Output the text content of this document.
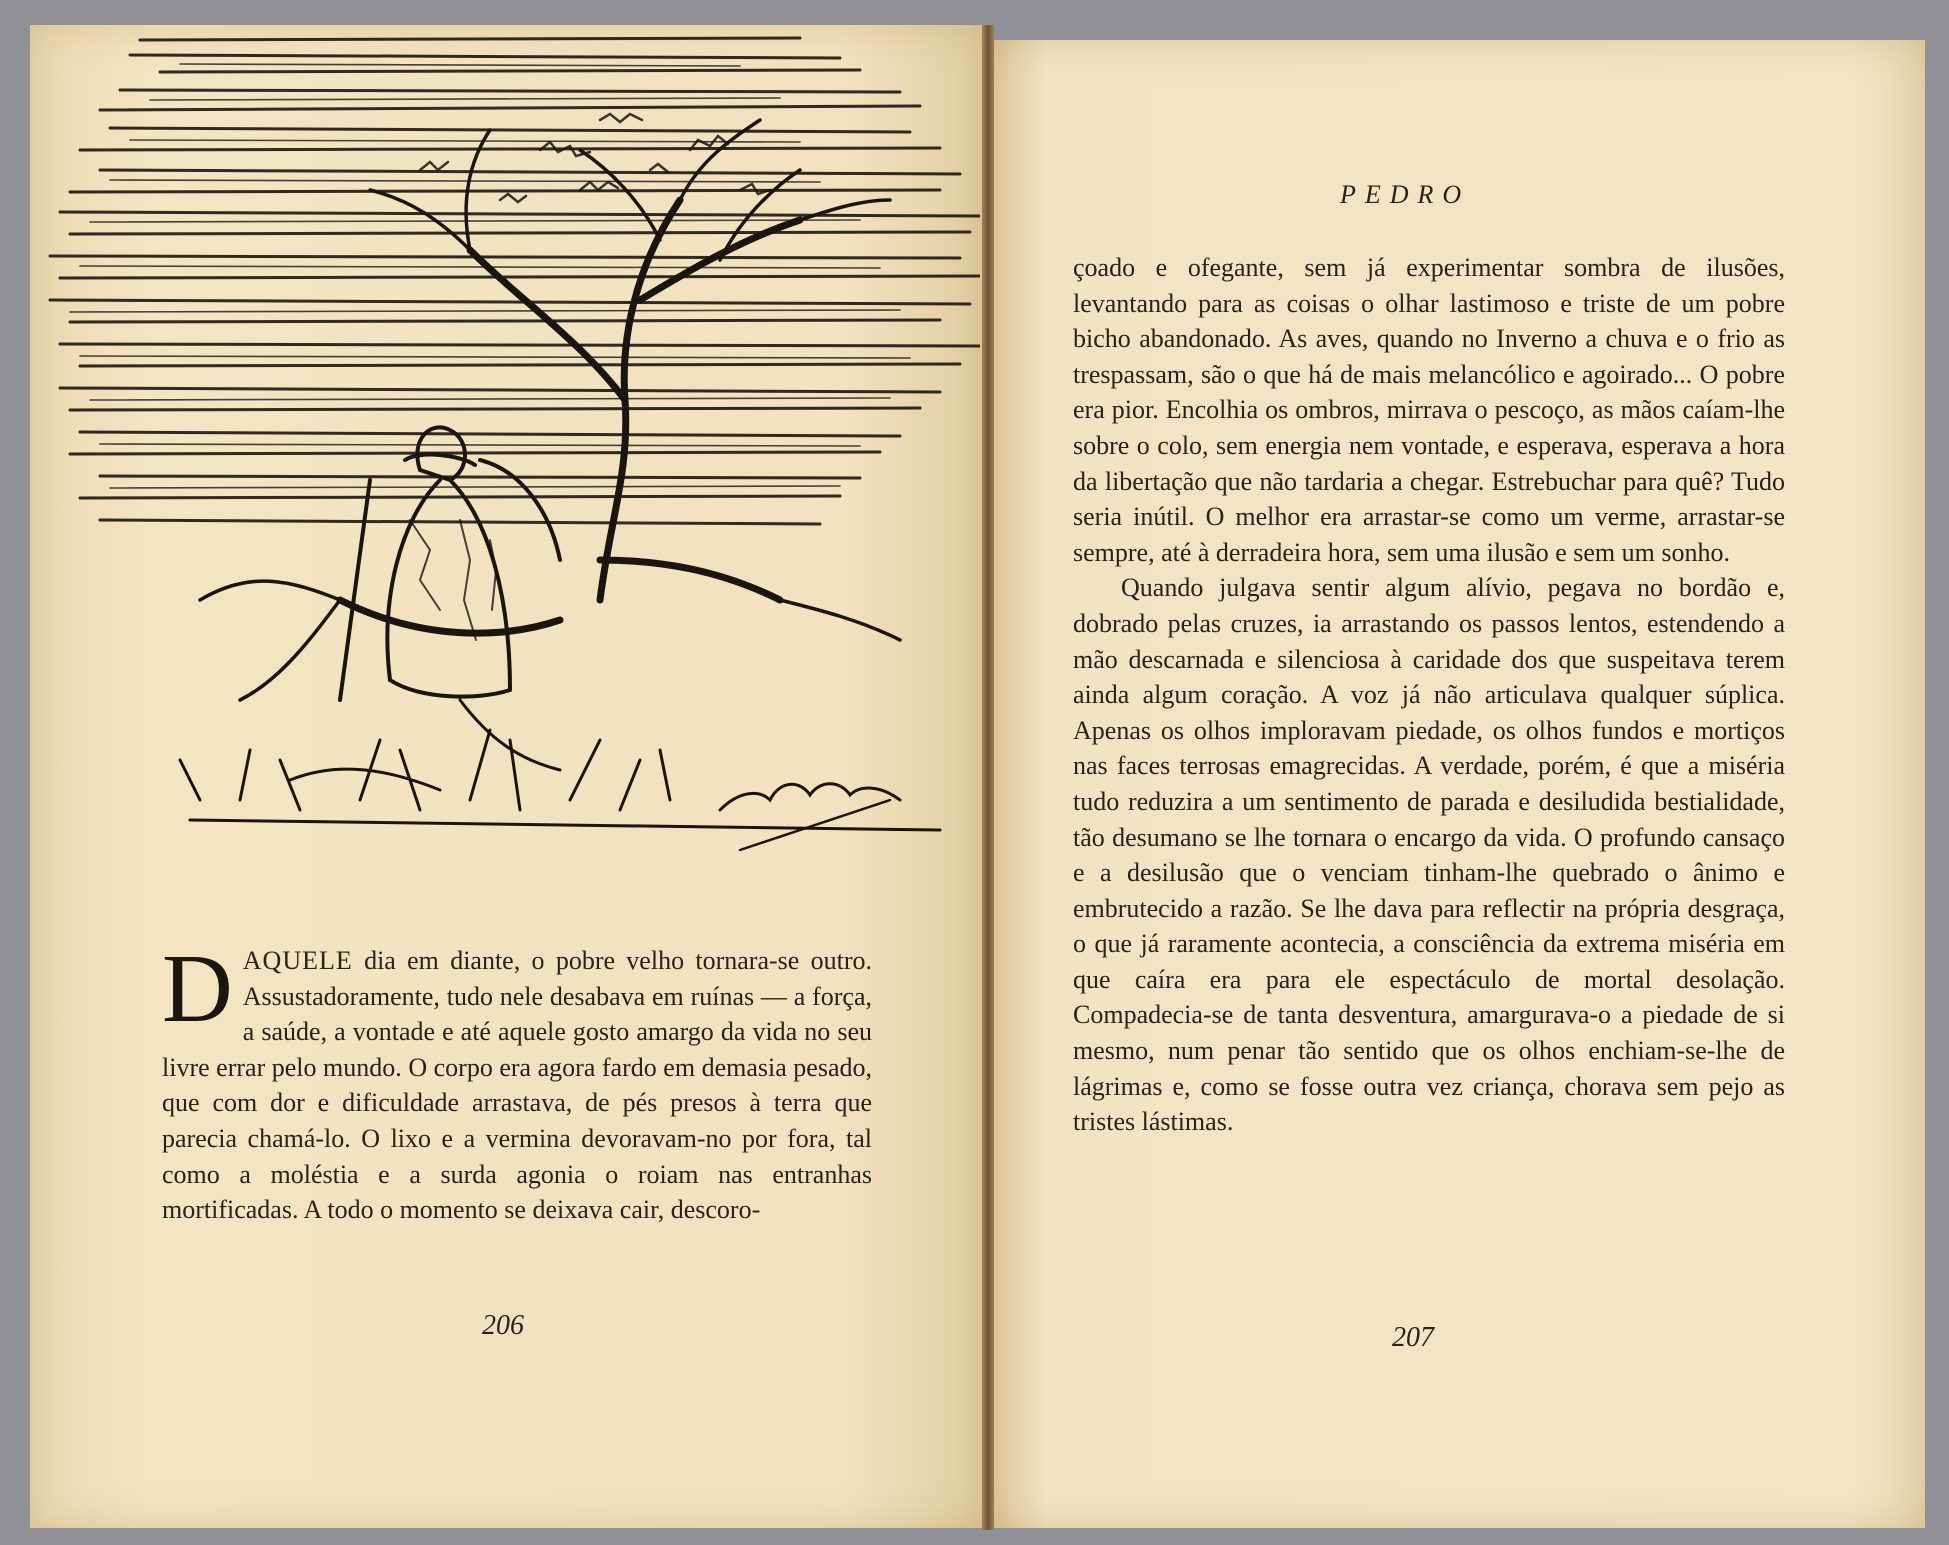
DAQUELE dia em diante, o pobre velho tornara-se outro. Assustadoramente, tudo nele desabava em ruínas — a força, a saúde, a vontade e até aquele gosto amargo da vida no seu livre errar pelo mundo. O corpo era agora fardo em demasia pesado, que com dor e dificuldade arrastava, de pés presos à terra que parecia chamá-lo. O lixo e a vermina devoravam-no por fora, tal como a moléstia e a surda agonia o roiam nas entranhas mortificadas. A todo o momento se deixava cair, descoro-

206
PEDRO

çoado e ofegante, sem já experimentar sombra de ilusões, levantando para as coisas o olhar lastimoso e triste de um pobre bicho abandonado. As aves, quando no Inverno a chuva e o frio as trespassam, são o que há de mais melancólico e agoirado... O pobre era pior. Encolhia os ombros, mirrava o pescoço, as mãos caíam-lhe sobre o colo, sem energia nem vontade, e esperava, esperava a hora da libertação que não tardaria a chegar. Estrebuchar para quê? Tudo seria inútil. O melhor era arrastar-se como um verme, arrastar-se sempre, até à derradeira hora, sem uma ilusão e sem um sonho.

Quando julgava sentir algum alívio, pegava no bordão e, dobrado pelas cruzes, ia arrastando os passos lentos, estendendo a mão descarnada e silenciosa à caridade dos que suspeitava terem ainda algum coração. A voz já não articulava qualquer súplica. Apenas os olhos imploravam piedade, os olhos fundos e mortiços nas faces terrosas emagrecidas. A verdade, porém, é que a miséria tudo reduzira a um sentimento de parada e desiludida bestialidade, tão desumano se lhe tornara o encargo da vida. O profundo cansaço e a desilusão que o venciam tinham-lhe quebrado o ânimo e embrutecido a razão. Se lhe dava para reflectir na própria desgraça, o que já raramente acontecia, a consciência da extrema miséria em que caíra era para ele espectáculo de mortal desolação. Compadecia-se de tanta desventura, amargurava-o a piedade de si mesmo, num penar tão sentido que os olhos enchiam-se-lhe de lágrimas e, como se fosse outra vez criança, chorava sem pejo as tristes lástimas.

207
